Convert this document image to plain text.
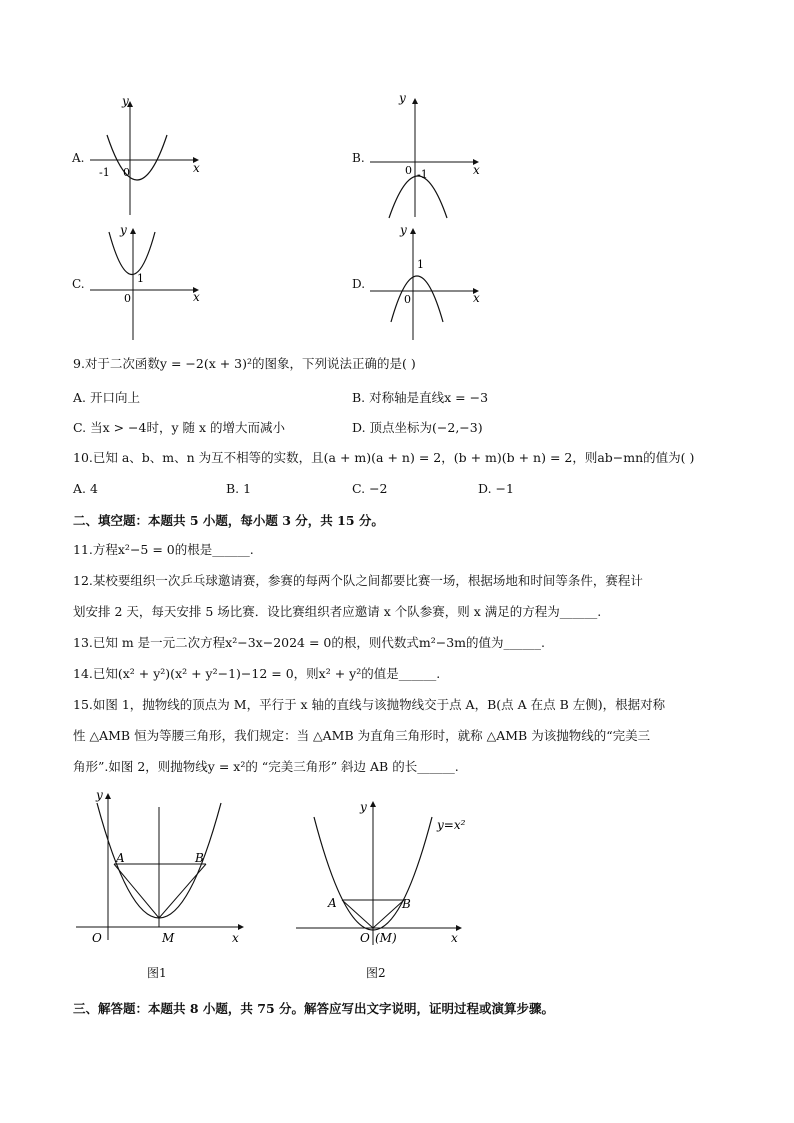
A.
y
x
-1 0
B.
y
x
0 -1
C.
y
x
1
0
D.
y
x
1
0
9.对于二次函数y = −2(x + 3)²的图象，下列说法正确的是( )
A. 开口向上	B. 对称轴是直线x = −3
C. 当x > −4时，y 随 x 的增大而减小	D. 顶点坐标为(−2,−3)
10.已知 a、b、m、n 为互不相等的实数，且(a + m)(a + n) = 2，(b + m)(b + n) = 2，则ab−mn的值为( )
A. 4	B. 1	C. −2	D. −1
二、填空题：本题共 5 小题，每小题 3 分，共 15 分。
11.方程x²−5 = 0的根是______.
12.某校要组织一次乒乓球邀请赛，参赛的每两个队之间都要比赛一场，根据场地和时间等条件，赛程计
划安排 2 天，每天安排 5 场比赛．设比赛组织者应邀请 x 个队参赛，则 x 满足的方程为______.
13.已知 m 是一元二次方程x²−3x−2024 = 0的根，则代数式m²−3m的值为______.
14.已知(x² + y²)(x² + y²−1)−12 = 0，则x² + y²的值是______.
15.如图 1，抛物线的顶点为 M，平行于 x 轴的直线与该抛物线交于点 A，B(点 A 在点 B 左侧)，根据对称
性 △AMB 恒为等腰三角形，我们规定：当 △AMB 为直角三角形时，就称 △AMB 为该抛物线的“完美三
角形”.如图 2，则抛物线y = x²的 “完美三角形” 斜边 AB 的长______.
y
x
A	B
O	M
图1
y
x
y=x²
A	B
O (M)
图2
三、解答题：本题共 8 小题，共 75 分。解答应写出文字说明，证明过程或演算步骤。
